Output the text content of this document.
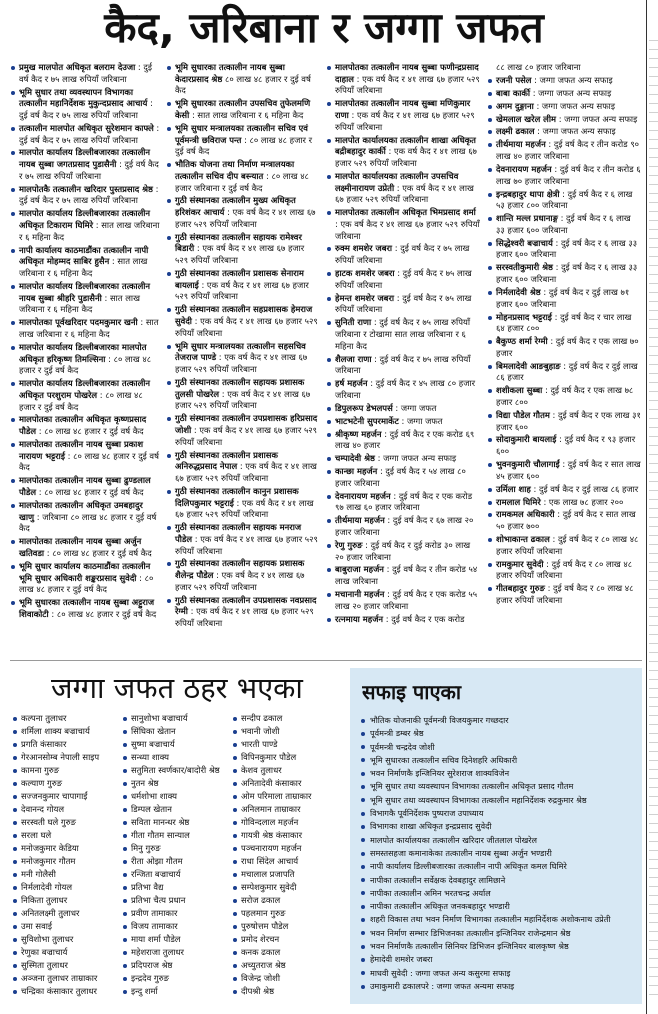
कैद, जरिबाना र जग्गा जफत
प्रमुख मालपोत अधिकृत बलराम देउजा : दुई वर्ष कैद र ७५ लाख रुपियाँ जरिबाना
भूमि सुधार तथा व्यवस्थापन विभागका तत्कालीन महानिर्देशक मुकुन्दप्रसाद आचार्य : दुई वर्ष कैद र ७५ लाख रुपियाँ जरिबाना
तत्कालीन मालपोत अधिकृत सुरेशमान काफ्ले : दुई वर्ष कैद र ७५ लाख रुपियाँ जरिबाना
मालपोत कार्यालय डिल्लीबजारका तत्कालीन नायब सुब्बा जगतप्रसाद पुडासैनी : दुई वर्ष कैद र ७५ लाख रुपियाँ जरिबाना
मालपोतकै तत्कालीन खरिदार पुस्तप्रसाद श्रेष्ठ : दुई वर्ष कैद र ७५ लाख रुपियाँ जरिबाना
मालपोत कार्यालय डिल्लीबजारका तत्कालीन अधिकृत टिकाराम घिमिरे : सात लाख जरिबाना र ६ महिना कैद
नापी कार्यालय काठमाडौंका तत्कालीन नापी अधिकृत मोहम्मद साबिर हुसैन : सात लाख जरिबाना र ६ महिना कैद
मालपोत कार्यालय डिल्लीबजारका तत्कालीन नायब सुब्बा श्रीहरि पुडासैनी : सात लाख जरिबाना र ६ महिना कैद
मालपोतका पूर्वखरिदार पदमकुमार खनी : सात लाख जरिबाना र ६ महिना कैद
मालपोत कार्यालय डिल्लीबजारका मालपोत अधिकृत हरिकृष्ण तिमल्सिना : ८० लाख ४८ हजार र दुई वर्ष कैद
मालपोत कार्यालय डिल्लीबजारका तत्कालीन अधिकृत परशुराम पोखरेल : ८० लाख ४८ हजार र दुई वर्ष कैद
मालपोतका तत्कालीन अधिकृत कृष्णप्रसाद पौडेल : ८० लाख ४८ हजार र दुई वर्ष कैद
मालपोतका तत्कालीन नायब सुब्बा प्रकाश नारायण भट्टराई : ८० लाख ४८ हजार र दुई वर्ष कैद
मालपोतका तत्कालीन नायब सुब्बा ढुण्डलाल पौडेल : ८० लाख ४८ हजार र दुई वर्ष कैद
मालपोतका तत्कालीन अधिकृत उमबहादुर खाणु : जरिबाना ८० लाख ४८ हजार र दुई वर्ष कैद
मालपोतका तत्कालीन नायब सुब्बा अर्जुन खतिवडा : ८० लाख ४८ हजार र दुई वर्ष कैद
भूमि सुधार कार्यालय काठमाडौंका तत्कालीन भूमि सुधार अधिकारी शङ्करप्रसाद सुवेदी : ८० लाख ४८ हजार र दुई वर्ष कैद
भूमि सुधारका तत्कालीन नायब सुब्बा अट्टुराज शिवाकोटी : ८० लाख ४८ हजार र दुई वर्ष कैद
भूमि सुधारका तत्कालीन नायब सुब्बा केदारप्रसाद श्रेष्ठ ८० लाख ४८ हजार र दुई वर्ष कैद
भूमि सुधारका तत्कालीन उपसचिव तुफेलमणि केसी : सात लाख जरिबाना र ६ महिना कैद
भूमि सुधार मन्त्रालयका तत्कालीन सचिव एवं पूर्वमन्त्री छविराज पन्त : ८० लाख ४८ हजार र दुई वर्ष कैद
भौतिक योजना तथा निर्माण मन्त्रालयका तत्कालीन सचिव दीप बस्न्यात : ८० लाख ४८ हजार जरिबाना र दुई वर्ष कैद
गुठी संस्थानका तत्कालीन मुख्य अधिकृत हरिशंकर आचार्य : एक वर्ष कैद र ४१ लाख ६७ हजार ५२९ रुपियाँ जरिबाना
गुठी संस्थानका तत्कालीन सहायक रामेश्वर बिडारी : एक वर्ष कैद र ४१ लाख ६७ हजार ५२९ रुपियाँ जरिबाना
गुठी संस्थानका तत्कालीन प्रशासक सेनाराम बायलाई : एक वर्ष कैद र ४१ लाख ६७ हजार ५२९ रुपियाँ जरिबाना
गुठी संस्थानका तत्कालीन सहप्रशासक हेमराज सुवेदी : एक वर्ष कैद र ४१ लाख ६७ हजार ५२९ रुपियाँ जरिबाना
भूमि सुधार मन्त्रालयका तत्कालीन सहसचिव तेजराज पाण्डे : एक वर्ष कैद र ४१ लाख ६७ हजार ५२९ रुपियाँ जरिबाना
गुठी संस्थानका तत्कालीन सहायक प्रशासक तुलसी पोखरेल : एक वर्ष कैद र ४१ लाख ६७ हजार ५२९ रुपियाँ जरिबाना
गुठी संस्थानका तत्कालीन उपप्रशासक हरिप्रसाद जोशी : एक वर्ष कैद र ४१ लाख ६७ हजार ५२९ रुपियाँ जरिबाना
गुठी संस्थानका तत्कालीन प्रशासक अनिरुद्धप्रसाद नेपाल : एक वर्ष कैद र ४१ लाख ६७ हजार ५२९ रुपियाँ जरिबाना
गुठी संस्थानका तत्कालीन कानुन प्रशासक दिलिपकुमार भट्टराई : एक वर्ष कैद र ४१ लाख ६७ हजार ५२९ रुपियाँ जरिबाना
गुठी संस्थानका तत्कालीन सहायक मनराज पौडेल : एक वर्ष कैद र ४१ लाख ६७ हजार ५२९ रुपियाँ जरिबाना
गुठी संस्थानका तत्कालीन सहायक प्रशासक शैलेन्द्र पौडेल : एक वर्ष कैद र ४१ लाख ६७ हजार ५२९ रुपियाँ जरिबाना
गुठी संस्थानका तत्कालीन उपप्रशासक नवप्रसाद रेग्मी : एक वर्ष कैद र ४१ लाख ६७ हजार ५२९ रुपियाँ जरिबाना
मालपोतका तत्कालीन नायब सुब्बा फणीन्द्रप्रसाद दाहाल : एक वर्ष कैद र ४१ लाख ६७ हजार ५२९ रुपियाँ जरिबाना
मालपोतका तत्कालीन नायब सुब्बा मणिकुमार राणा : एक वर्ष कैद र ४१ लाख ६७ हजार ५२९ रुपियाँ जरिबाना
मालपोत कार्यालयका तत्कालीन शाखा अधिकृत बद्रीबहादुर कार्की : एक वर्ष कैद र ४१ लाख ६७ हजार ५२९ रुपियाँ जरिबाना
मालपोत कार्यालयका तत्कालीन उपसचिव लक्ष्मीनारायण उप्रेती : एक वर्ष कैद र ४१ लाख ६७ हजार ५२९ रुपियाँ जरिबाना
मालपोतका तत्कालीन अधिकृत भिमप्रसाद शर्मा : एक वर्ष कैद र ४१ लाख ६७ हजार ५२९ रुपियाँ जरिबाना
रुक्म शमशेर जबरा : दुई वर्ष कैद र ७५ लाख रुपियाँ जरिबाना
हाटक शमशेर जबरा : दुई वर्ष कैद र ७५ लाख रुपियाँ जरिबाना
हेमन्त शमशेर जबरा : दुई वर्ष कैद र ७५ लाख रुपियाँ जरिबाना
सुनिती राणा : दुई वर्ष कैद र ७५ लाख रुपियाँ जरिबाना र टोखामा सात लाख जरिबाना र ६ महिना कैद
शैलजा राणा : दुई वर्ष कैद र ७५ लाख रुपियाँ जरिबाना
हर्ष महर्जन : दुई वर्ष कैद र ४५ लाख ८० हजार जरिबाना
डिपुलरूप डेभलपर्स : जग्गा जफत
भाटभटेनी सुपरमार्केट : जग्गा जफत
श्रीकृष्ण महर्जन : दुई वर्ष कैद र एक करोड ६९ लाख ४० हजार
चम्पादेवी श्रेष्ठ : जग्गा जफत अन्य सफाइ
कान्छा महर्जन : दुई वर्ष कैद र ५४ लाख ८० हजार जरिबाना
देवनारायण महर्जन : दुई वर्ष कैद र एक करोड ९७ लाख ६० हजार जरिबाना
तीर्थमाया महर्जन : दुई वर्ष कैद र ६७ लाख २० हजार जरिबाना
रेणु गुरुङ : दुई वर्ष कैद र दुई करोड ३० लाख २० हजार जरिबाना
बाबुराजा महर्जन : दुई वर्ष कैद र तीन करोड ५४ लाख जरिबाना
मचानानी महर्जन : दुई वर्ष कैद र एक करोड ५५ लाख २० हजार जरिबाना
रत्नमाया महर्जन : दुई वर्ष कैद र एक करोड
८८ लाख ८० हजार जरिबाना
रजनी पसेल : जग्गा जफत अन्य सफाइ
बाबा कार्की : जग्गा जफत अन्य सफाइ
अगम दुङ्गाना : जग्गा जफत अन्य सफाइ
खेमलाल खरेल लीम : जग्गा जफत अन्य सफाइ
लक्ष्मी ढकाल : जग्गा जफत अन्य सफाइ
तीर्थमाया महर्जन : दुई वर्ष कैद र तीन करोड ९० लाख ४० हजार जरिबाना
देवनारायण महर्जन : दुई वर्ष कैद र तीन करोड ६ लाख ७० हजार जरिबाना
इन्द्रबहादुर थापा क्षेत्री : दुई वर्ष कैद र ६ लाख ५३ हजार ८०० जरिबाना
शान्ति मल्ल प्रधानाङ्ग : दुई वर्ष कैद र ६ लाख ३३ हजार ६०० जरिबाना
सिद्धेश्वरी बज्राचार्य : दुई वर्ष कैद र ६ लाख ३३ हजार ६०० जरिबाना
सरस्वतीकुमारी श्रेष्ठ : दुई वर्ष कैद र ६ लाख ३३ हजार ६०० जरिबाना
निर्मलादेवी श्रेष्ठ : दुई वर्ष कैद र दुई लाख ७१ हजार ६०० जरिबाना
मोहनप्रसाद भट्टराई : दुई वर्ष कैद र चार लाख ६४ हजार ८००
बैकुण्ठ शर्मा रेग्मी : दुई वर्ष कैद र एक लाख ७० हजार
बिमलादेवी आङबुहाङ : दुई वर्ष कैद र दुई लाख ८६ हजार
शशीकला सुब्बा : दुई वर्ष कैद र एक लाख ७८ हजार ८००
विद्या पौडेल गौतम : दुई वर्ष कैद र एक लाख ३१ हजार ६००
सोदाकुमारी बायलाई : दुई वर्ष कैद र ९३ हजार ६००
भुवनकुमारी चौलागाईं : दुई वर्ष कैद र सात लाख ४५ हजार ६००
उर्मिला शाह : दुई वर्ष कैद र दुई लाख ८६ हजार
रामलाल घिमिरे : एक लाख ७८ हजार २००
रामकमल अधिकारी : दुई वर्ष कैद र सात लाख ५० हजार ७००
शोभाकान्त ढकाल : दुई वर्ष कैद र ८० लाख ४८ हजार रुपियाँ जरिबाना
रामकुमार सुवेदी : दुई वर्ष कैद र ८० लाख ४८ हजार रुपियाँ जरिबाना
गीतबहादुर गुरुङ : दुई वर्ष कैद र ८० लाख ४८ हजार रुपियाँ जरिबाना
जग्गा जफत ठहर भएका
कल्पना तुलाधर
शर्मिला शाक्य बज्राचार्य
प्रगति कंसाकार
गेरआनसोम्ब नेपाली साइप
कामना गुरुङ
कल्याण गुरुङ
सज्जनकुमार चापागाईं
देवानन्द गोयल
सरस्वती घले गुरुङ
सरला घले
मनोजकुमार केडिया
मनोजकुमार गौतम
मनी गोलैसी
निर्मलादेवी गोयल
निकिता तुलाधर
अनितलक्ष्मी तुलाधर
उमा सवाई
सुविशोभा तुलाधर
रेणुका बज्राचार्य
सुस्मिता तुलाधर
अञ्जना तुलाधर ताम्राकार
चन्द्रिका कंसाकार तुलाधर
सानुशोभा बज्राचार्य
सिंघिका खेतान
सुष्मा बज्राचार्य
सन्ध्या शाक्य
सतुमिता स्वर्णकार/बादोरी श्रेष्ठ
नुतन श्रेष्ठ
धर्मशोभा शाक्य
डिम्पल खेतान
सविता मानन्धर श्रेष्ठ
गीता गौतम सान्याल
मिनु गुरुङ
रीता ओझा गौतम
रन्जिता बज्राचार्य
प्रतिभा वैद्य
प्रतिभा चैत्य प्रधान
प्रवीण तामाकार
विजय तामाकार
माया शर्मा पौडेल
महेशराजा तुलाधर
प्रदिपराज श्रेष्ठ
इन्द्रदेव गुरुङ
इन्दु शर्मा
सन्दीप ढकाल
भवानी जोशी
भारती पाण्डे
विपिनकुमार पौडेल
केशव तुलाधर
अनितादेवी कंसाकार
ओम परिमाला ताम्राकार
अनिलमान ताम्राकार
गोविन्दलाल महर्जन
गायत्री श्रेष्ठ कंसाकार
पञ्चनारायण महर्जन
राधा सिंदेल आचार्य
मचालाल प्रजापति
सम्पेशकुमार सुवेदी
सरोज ढकाल
पहलमान गुरुङ
पुरुषोत्तम पौडेल
प्रमोद शेरचन
कनक ढकाल
अच्युतराज श्रेष्ठ
विजेन्द्र जोशी
दीपश्री श्रेष्ठ
सफाइ पाएका
भौतिक योजनाकी पूर्वमन्त्री विजयकुमार गच्छदार
पूर्वमन्त्री डम्बर श्रेष्ठ
पूर्वमन्त्री चन्द्रदेव जोशी
भूमि सुधारका तत्कालीन सचिव दिनेशहरि अधिकारी
भवन निर्माणकै इन्जिनियर सुरेशराज शाक्यविजेन
भूमि सुधार तथा व्यवस्थापन विभागका तत्कालीन अधिकृत प्रसाद गौतम
भूमि सुधार तथा व्यवस्थापन विभागका तत्कालीन महानिर्देशक रुद्रकुमार श्रेष्ठ
विभागकै पूर्वनिर्देशक पुष्पराज उपाध्याय
विभागका शाखा अधिकृत इन्द्रप्रसाद सुवेदी
मालपोत कार्यालयका तत्कालीन खरिदार जीतलाल पोखरेल
समस्तसहजा कमानाकेका तत्कालीन नायब सुब्बा अर्जुन भण्डारी
नापी कार्यालय डिल्लीबजारका तत्कालीन नापी अधिकृत कमल घिमिरे
नापीका तत्कालीन सर्वेक्षक देवबहादुर लामिछाने
नापीका तत्कालीन अमिन भरतचन्द्र अर्याल
नापीका तत्कालीन अधिकृत जनकबहादुर भण्डारी
शहरी विकास तथा भवन निर्माण विभागका तत्कालीन महानिर्देशक अशोकनाथ उप्रेती
भवन निर्माण सम्भार डिभिजनका तत्कालीन इन्जिनियर राजेन्द्रमान श्रेष्ठ
भवन निर्माणकै तत्कालीन सिनियर डिभिजन इन्जिनियर बालकृष्ण श्रेष्ठ
हेमादेवी शमशेर जबरा
माधवी सुवेदी : जग्गा जफत अन्य कसुरमा सफाइ
उमाकुमारी ढकालपरे : जग्गा जफत अन्यमा सफाइ
